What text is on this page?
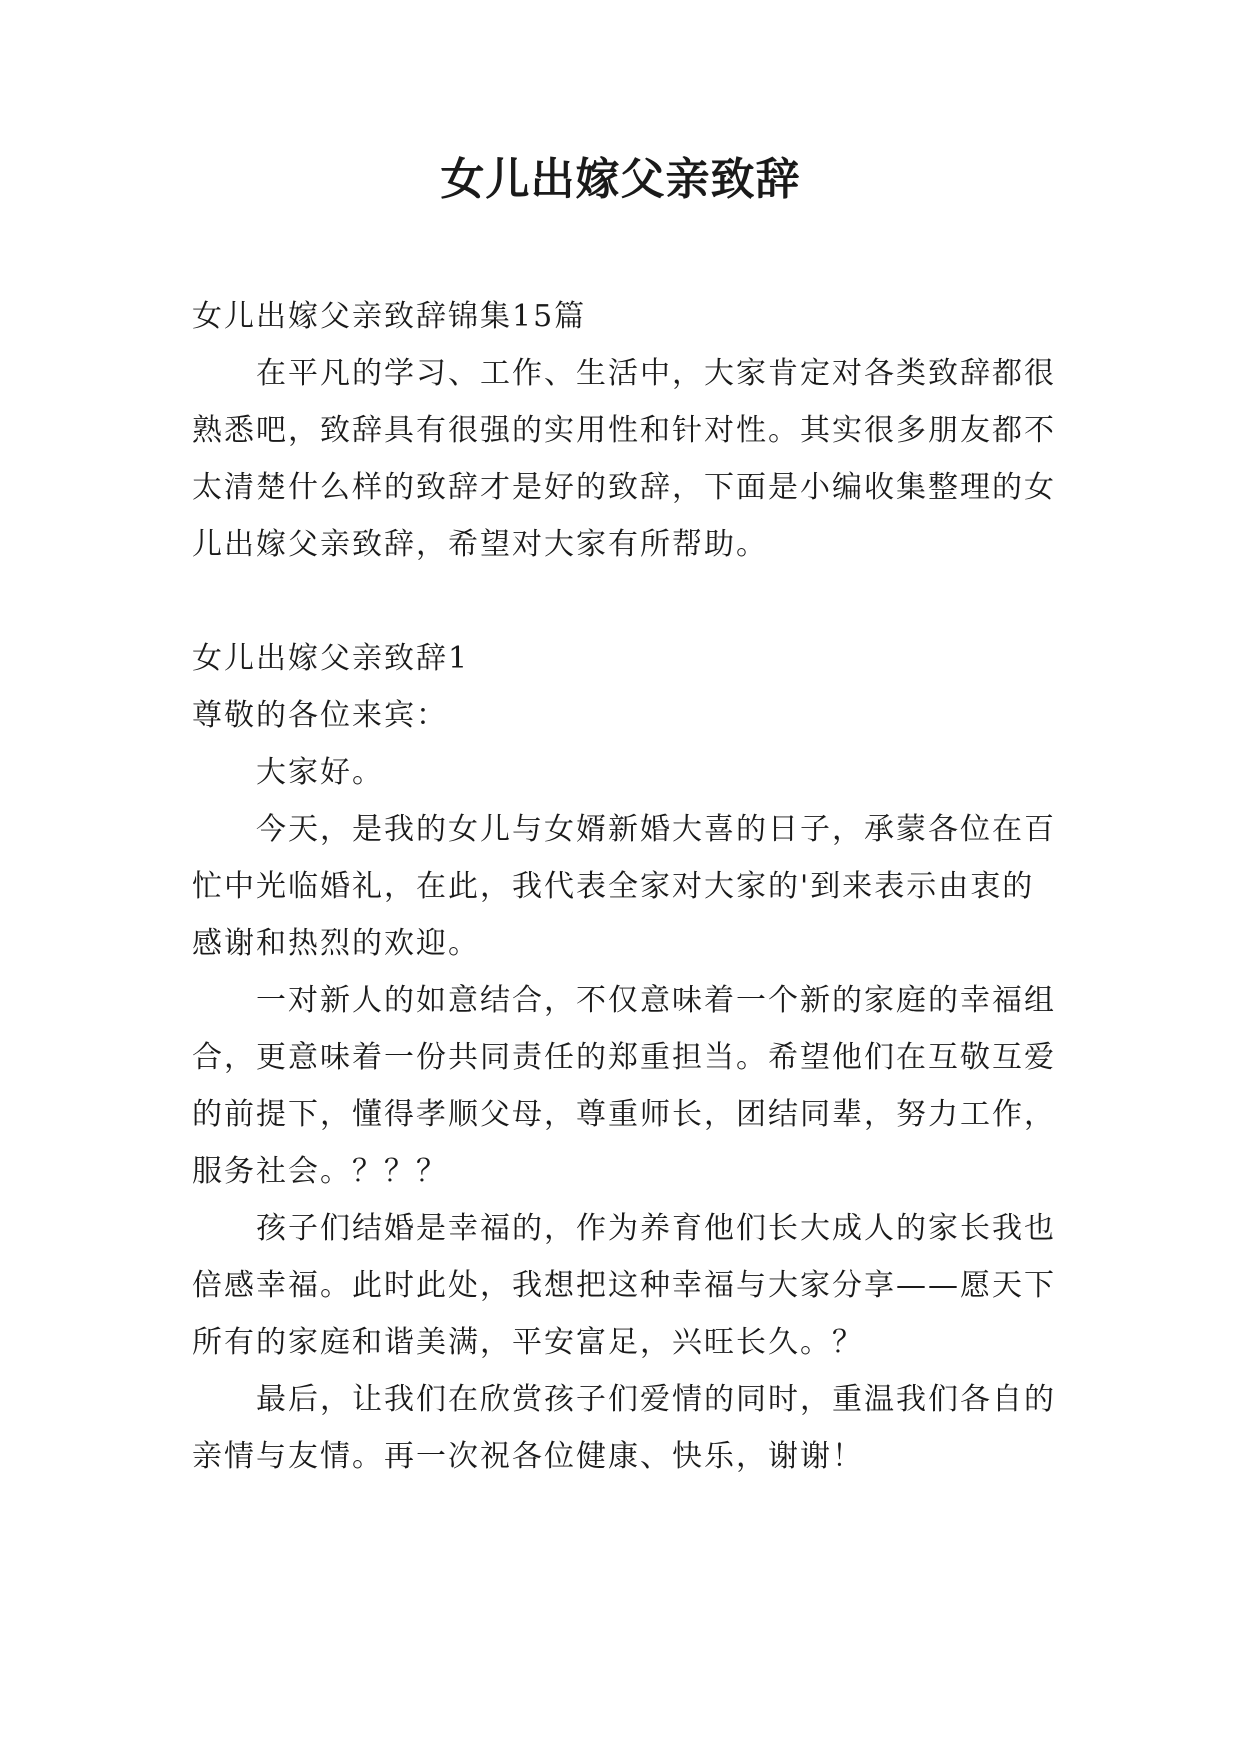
女儿出嫁父亲致辞

女儿出嫁父亲致辞锦集15篇

在平凡的学习、工作、生活中，大家肯定对各类致辞都很熟悉吧，致辞具有很强的实用性和针对性。其实很多朋友都不太清楚什么样的致辞才是好的致辞，下面是小编收集整理的女儿出嫁父亲致辞，希望对大家有所帮助。

女儿出嫁父亲致辞1

尊敬的各位来宾：

大家好。

今天，是我的女儿与女婿新婚大喜的日子，承蒙各位在百忙中光临婚礼，在此，我代表全家对大家的'到来表示由衷的感谢和热烈的欢迎。

一对新人的如意结合，不仅意味着一个新的家庭的幸福组合，更意味着一份共同责任的郑重担当。希望他们在互敬互爱的前提下，懂得孝顺父母，尊重师长，团结同辈，努力工作，服务社会。？？？

孩子们结婚是幸福的，作为养育他们长大成人的家长我也倍感幸福。此时此处，我想把这种幸福与大家分享——愿天下所有的家庭和谐美满，平安富足，兴旺长久。？

最后，让我们在欣赏孩子们爱情的同时，重温我们各自的亲情与友情。再一次祝各位健康、快乐，谢谢！
